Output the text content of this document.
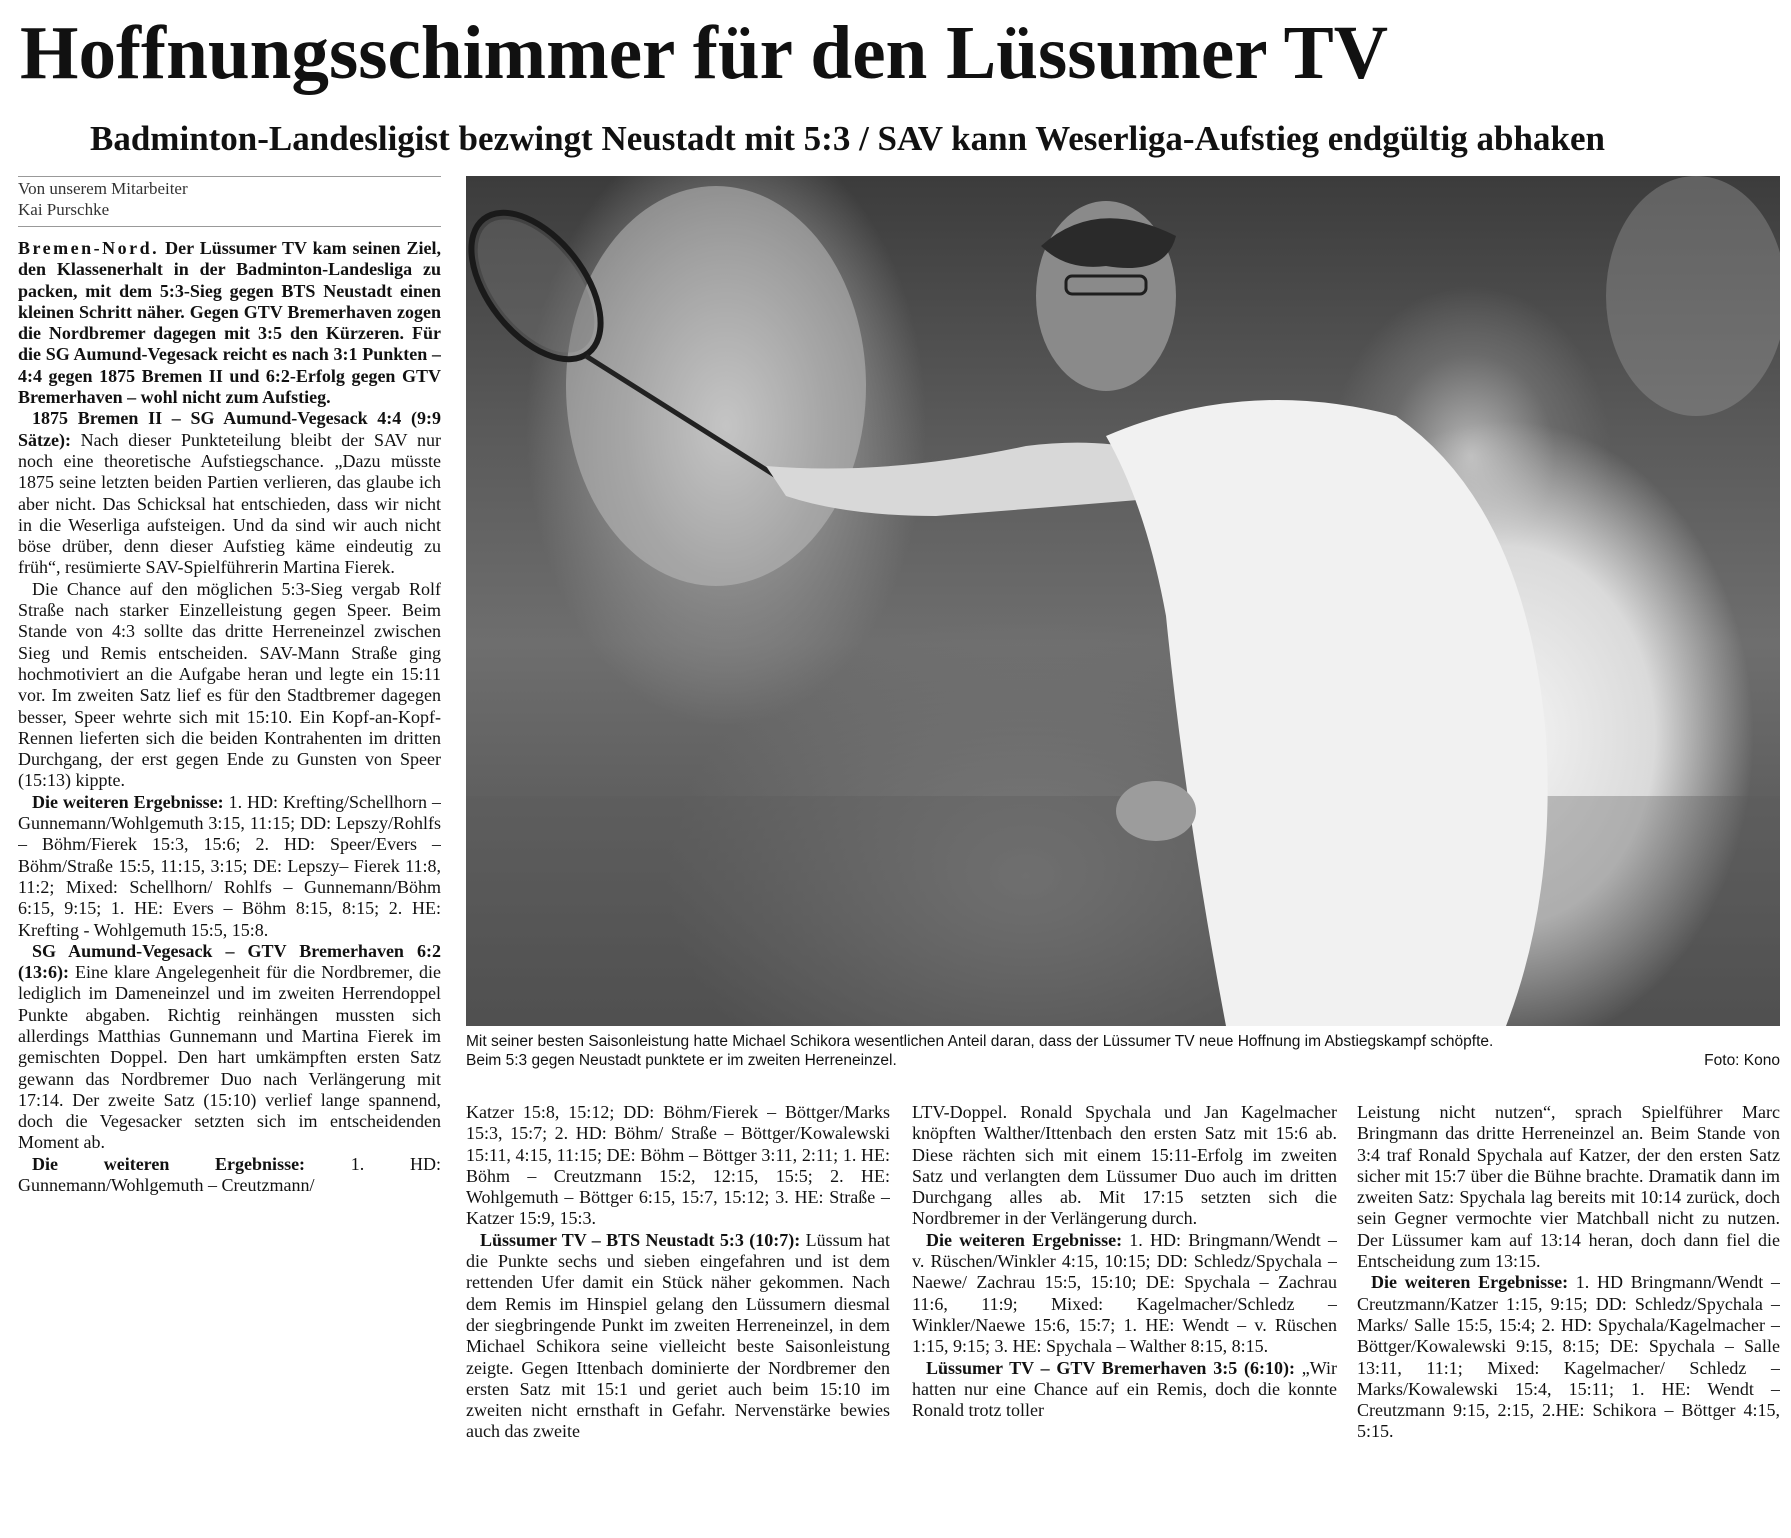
Hoffnungsschimmer für den Lüssumer TV
Badminton-Landesligist bezwingt Neustadt mit 5:3 / SAV kann Weserliga-Aufstieg endgültig abhaken
Von unserem Mitarbeiter
Kai Purschke

Bremen-Nord. Der Lüssumer TV kam seinen Ziel, den Klassenerhalt in der Badminton-Landesliga zu packen, mit dem 5:3-Sieg gegen BTS Neustadt einen kleinen Schritt näher. Gegen GTV Bremerhaven zogen die Nordbremer dagegen mit 3:5 den Kürzeren. Für die SG Aumund-Vegesack reicht es nach 3:1 Punkten – 4:4 gegen 1875 Bremen II und 6:2-Erfolg gegen GTV Bremerhaven – wohl nicht zum Aufstieg.

1875 Bremen II – SG Aumund-Vegesack 4:4 (9:9 Sätze): Nach dieser Punkteteilung bleibt der SAV nur noch eine theoretische Aufstiegschance. „Dazu müsste 1875 seine letzten beiden Partien verlieren, das glaube ich aber nicht. Das Schicksal hat entschieden, dass wir nicht in die Weserliga aufsteigen. Und da sind wir auch nicht böse drüber, denn dieser Aufstieg käme eindeutig zu früh“, resümierte SAV-Spielführerin Martina Fierek.

Die Chance auf den möglichen 5:3-Sieg vergab Rolf Straße nach starker Einzelleistung gegen Speer. Beim Stande von 4:3 sollte das dritte Herreneinzel zwischen Sieg und Remis entscheiden. SAV-Mann Straße ging hochmotiviert an die Aufgabe heran und legte ein 15:11 vor. Im zweiten Satz lief es für den Stadtbremer dagegen besser, Speer wehrte sich mit 15:10. Ein Kopf-an-Kopf-Rennen lieferten sich die beiden Kontrahenten im dritten Durchgang, der erst gegen Ende zu Gunsten von Speer (15:13) kippte.

Die weiteren Ergebnisse: 1. HD: Krefting/Schellhorn – Gunnemann/Wohlgemuth 3:15, 11:15; DD: Lepszy/Rohlfs – Böhm/Fierek 15:3, 15:6; 2. HD: Speer/Evers – Böhm/Straße 15:5, 11:15, 3:15; DE: Lepszy– Fierek 11:8, 11:2; Mixed: Schellhorn/ Rohlfs – Gunnemann/Böhm 6:15, 9:15; 1. HE: Evers – Böhm 8:15, 8:15; 2. HE: Krefting - Wohlgemuth 15:5, 15:8.

SG Aumund-Vegesack – GTV Bremerhaven 6:2 (13:6): Eine klare Angelegenheit für die Nordbremer, die lediglich im Dameneinzel und im zweiten Herrendoppel Punkte abgaben. Richtig reinhängen mussten sich allerdings Matthias Gunnemann und Martina Fierek im gemischten Doppel. Den hart umkämpften ersten Satz gewann das Nordbremer Duo nach Verlängerung mit 17:14. Der zweite Satz (15:10) verlief lange spannend, doch die Vegesacker setzten sich im entscheidenden Moment ab.

Die weiteren Ergebnisse: 1. HD: Gunnemann/Wohlgemuth – Creutzmann/

Mit seiner besten Saisonleistung hatte Michael Schikora wesentlichen Anteil daran, dass der Lüssumer TV neue Hoffnung im Abstiegskampf schöpfte.
Beim 5:3 gegen Neustadt punktete er im zweiten Herreneinzel.	Foto: Kono

Katzer 15:8, 15:12; DD: Böhm/Fierek – Böttger/Marks 15:3, 15:7; 2. HD: Böhm/ Straße – Böttger/Kowalewski 15:11, 4:15, 11:15; DE: Böhm – Böttger 3:11, 2:11; 1. HE: Böhm – Creutzmann 15:2, 12:15, 15:5; 2. HE: Wohlgemuth – Böttger 6:15, 15:7, 15:12; 3. HE: Straße – Katzer 15:9, 15:3.

Lüssumer TV – BTS Neustadt 5:3 (10:7): Lüssum hat die Punkte sechs und sieben eingefahren und ist dem rettenden Ufer damit ein Stück näher gekommen. Nach dem Remis im Hinspiel gelang den Lüssumern diesmal der siegbringende Punkt im zweiten Herreneinzel, in dem Michael Schikora seine vielleicht beste Saisonleistung zeigte. Gegen Ittenbach dominierte der Nordbremer den ersten Satz mit 15:1 und geriet auch beim 15:10 im zweiten nicht ernsthaft in Gefahr. Nervenstärke bewies auch das zweite

LTV-Doppel. Ronald Spychala und Jan Kagelmacher knöpften Walther/Ittenbach den ersten Satz mit 15:6 ab. Diese rächten sich mit einem 15:11-Erfolg im zweiten Satz und verlangten dem Lüssumer Duo auch im dritten Durchgang alles ab. Mit 17:15 setzten sich die Nordbremer in der Verlängerung durch.

Die weiteren Ergebnisse: 1. HD: Bringmann/Wendt – v. Rüschen/Winkler 4:15, 10:15; DD: Schledz/Spychala – Naewe/ Zachrau 15:5, 15:10; DE: Spychala – Zachrau 11:6, 11:9; Mixed: Kagelmacher/Schledz – Winkler/Naewe 15:6, 15:7; 1. HE: Wendt – v. Rüschen 1:15, 9:15; 3. HE: Spychala – Walther 8:15, 8:15.

Lüssumer TV – GTV Bremerhaven 3:5 (6:10): „Wir hatten nur eine Chance auf ein Remis, doch die konnte Ronald trotz toller

Leistung nicht nutzen“, sprach Spielführer Marc Bringmann das dritte Herreneinzel an. Beim Stande von 3:4 traf Ronald Spychala auf Katzer, der den ersten Satz sicher mit 15:7 über die Bühne brachte. Dramatik dann im zweiten Satz: Spychala lag bereits mit 10:14 zurück, doch sein Gegner vermochte vier Matchball nicht zu nutzen. Der Lüssumer kam auf 13:14 heran, doch dann fiel die Entscheidung zum 13:15.

Die weiteren Ergebnisse: 1. HD Bringmann/Wendt – Creutzmann/Katzer 1:15, 9:15; DD: Schledz/Spychala – Marks/ Salle 15:5, 15:4; 2. HD: Spychala/Kagelmacher – Böttger/Kowalewski 9:15, 8:15; DE: Spychala – Salle 13:11, 11:1; Mixed: Kagelmacher/ Schledz – Marks/Kowalewski 15:4, 15:11; 1. HE: Wendt – Creutzmann 9:15, 2:15, 2.HE: Schikora – Böttger 4:15, 5:15.
